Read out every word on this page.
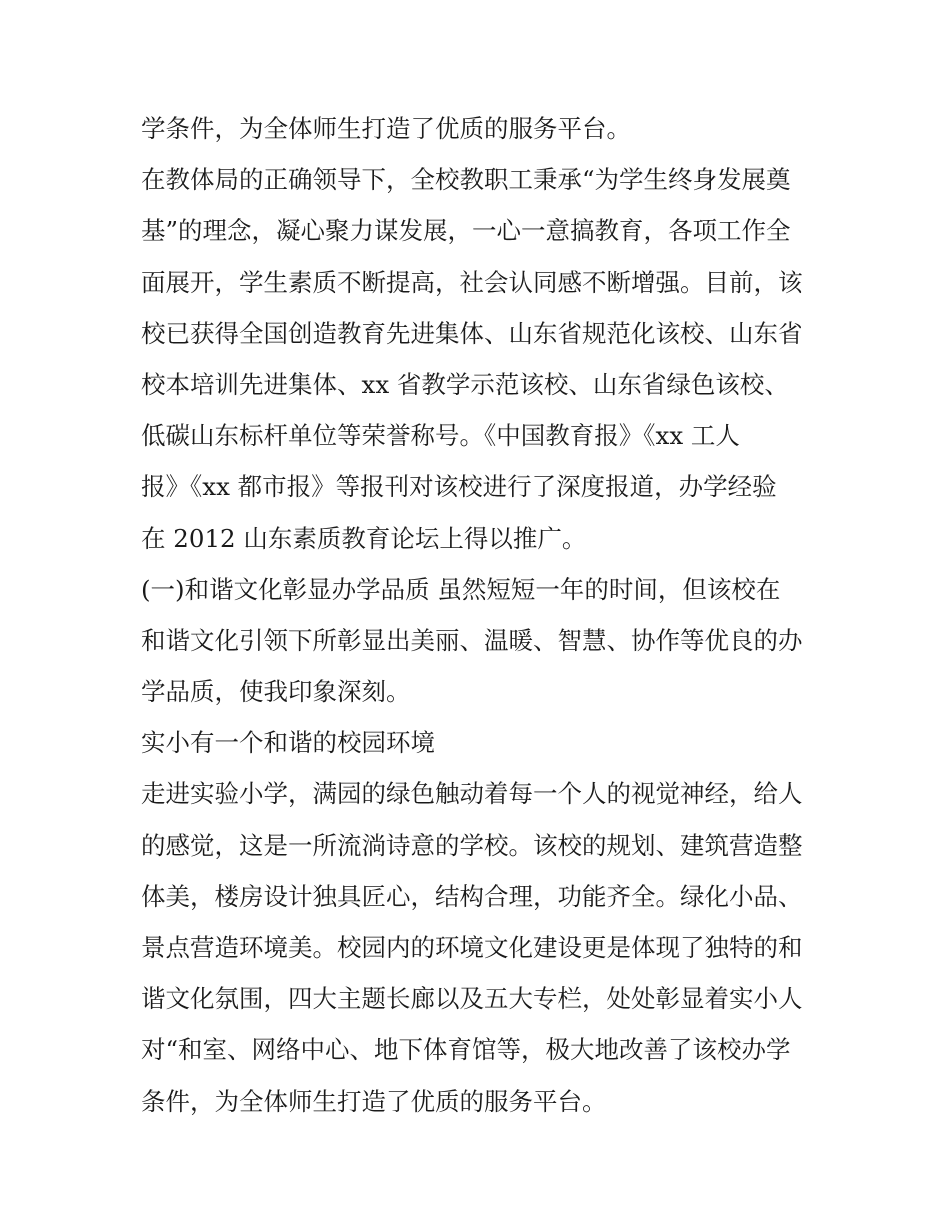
学条件，为全体师生打造了优质的服务平台。
在教体局的正确领导下，全校教职工秉承“为学生终身发展奠
基”的理念，凝心聚力谋发展，一心一意搞教育，各项工作全
面展开，学生素质不断提高，社会认同感不断增强。目前，该
校已获得全国创造教育先进集体、山东省规范化该校、山东省
校本培训先进集体、xx 省教学示范该校、山东省绿色该校、
低碳山东标杆单位等荣誉称号。《中国教育报》《xx 工人
报》《xx 都市报》等报刊对该校进行了深度报道，办学经验
在 2012 山东素质教育论坛上得以推广。
(一)和谐文化彰显办学品质 虽然短短一年的时间，但该校在
和谐文化引领下所彰显出美丽、温暖、智慧、协作等优良的办
学品质，使我印象深刻。
实小有一个和谐的校园环境
走进实验小学，满园的绿色触动着每一个人的视觉神经，给人
的感觉，这是一所流淌诗意的学校。该校的规划、建筑营造整
体美，楼房设计独具匠心，结构合理，功能齐全。绿化小品、
景点营造环境美。校园内的环境文化建设更是体现了独特的和
谐文化氛围，四大主题长廊以及五大专栏，处处彰显着实小人
对“和室、网络中心、地下体育馆等，极大地改善了该校办学
条件，为全体师生打造了优质的服务平台。
